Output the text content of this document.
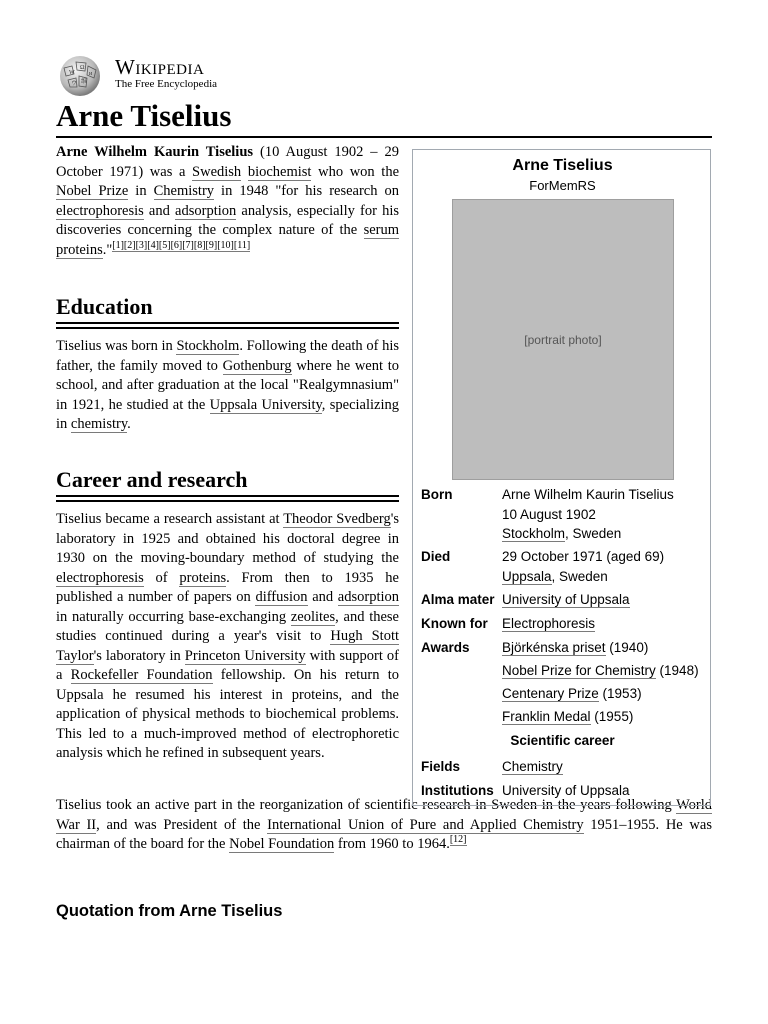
W
Ω
и
ウ 维
Wikipedia
The Free Encyclopedia
Arne Tiselius

Arne Wilhelm Kaurin Tiselius (10 August 1902 – 29 October 1971) was a Swedish biochemist who won the Nobel Prize in Chemistry in 1948 "for his research on electrophoresis and adsorption analysis, especially for his discoveries concerning the complex nature of the serum proteins."[1][2][3][4][5][6][7][8][9][10][11]

Education

Tiselius was born in Stockholm. Following the death of his father, the family moved to Gothenburg where he went to school, and after graduation at the local "Realgymnasium" in 1921, he studied at the Uppsala University, specializing in chemistry.

Career and research

Tiselius became a research assistant at Theodor Svedberg's laboratory in 1925 and obtained his doctoral degree in 1930 on the moving-boundary method of studying the electrophoresis of proteins. From then to 1935 he published a number of papers on diffusion and adsorption in naturally occurring base-exchanging zeolites, and these studies continued during a year's visit to Hugh Stott Taylor's laboratory in Princeton University with support of a Rockefeller Foundation fellowship. On his return to Uppsala he resumed his interest in proteins, and the application of physical methods to biochemical problems. This led to a much-improved method of electrophoretic analysis which he refined in subsequent years.

Tiselius took an active part in the reorganization of scientific research in Sweden in the years following World War II, and was President of the International Union of Pure and Applied Chemistry 1951–1955. He was chairman of the board for the Nobel Foundation from 1960 to 1964.[12]

Quotation from Arne Tiselius
Arne Tiselius
ForMemRS
[portrait photo]
Born	Arne Wilhelm Kaurin Tiselius
10 August 1902
Stockholm, Sweden
Died	29 October 1971 (aged 69)
Uppsala, Sweden
Alma mater University of Uppsala
Known for	Electrophoresis
Awards	Björkénska priset (1940)
Nobel Prize for Chemistry (1948)
Centenary Prize (1953)
Franklin Medal (1955)
Scientific career
Fields	Chemistry
Institutions University of Uppsala
